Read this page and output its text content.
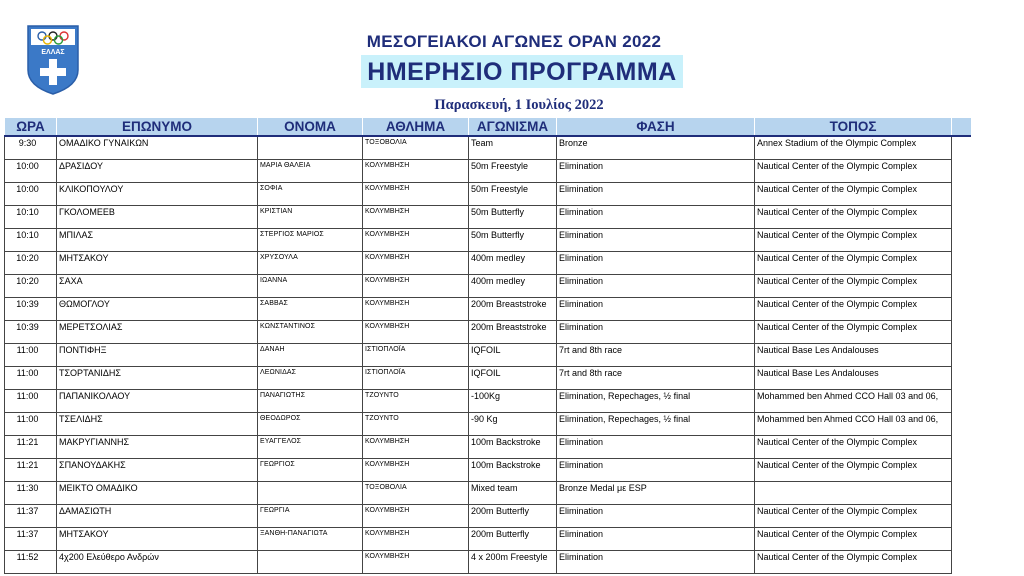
ΕΛΛΑΣ
ΜΕΣΟΓΕΙΑΚΟΙ ΑΓΩΝΕΣ ΟΡΑΝ 2022
ΗΜΕΡΗΣΙΟ ΠΡΟΓΡΑΜΜΑ
Παρασκευή, 1 Ιουλίος 2022
ΩΡΑ	ΕΠΩΝΥΜΟ	ΟΝΟΜΑ	ΑΘΛΗΜΑ	ΑΓΩΝΙΣΜΑ	ΦΑΣΗ	ΤΟΠΟΣ	
9:30	ΟΜΑΔΙΚΟ ΓΥΝΑΙΚΩΝ		ΤΟΞΟΒΟΛΙΑ	Team	Bronze	Annex Stadium of the Olympic Complex	
10:00	ΔΡΑΣΙΔΟΥ	ΜΑΡΙΑ ΘΑΛΕΙΑ	ΚΟΛΥΜΒΗΣΗ	50m Freestyle	Elimination	Nautical Center of the Olympic Complex	
10:00	ΚΛΙΚΟΠΟΥΛΟΥ	ΣΟΦΙΑ	ΚΟΛΥΜΒΗΣΗ	50m Freestyle	Elimination	Nautical Center of the Olympic Complex	
10:10	ΓΚΟΛΟΜΕΕΒ	ΚΡΙΣΤΙΑΝ	ΚΟΛΥΜΒΗΣΗ	50m Butterfly	Elimination	Nautical Center of the Olympic Complex	
10:10	ΜΠΙΛΑΣ	ΣΤΕΡΓΙΟΣ ΜΑΡΙΟΣ	ΚΟΛΥΜΒΗΣΗ	50m Butterfly	Elimination	Nautical Center of the Olympic Complex	
10:20	ΜΗΤΣΑΚΟΥ	ΧΡΥΣΟΥΛΑ	ΚΟΛΥΜΒΗΣΗ	400m medley	Elimination	Nautical Center of the Olympic Complex	
10:20	ΣΑΧΑ	ΙΩΑΝΝΑ	ΚΟΛΥΜΒΗΣΗ	400m medley	Elimination	Nautical Center of the Olympic Complex	
10:39	ΘΩΜΟΓΛΟΥ	ΣΑΒΒΑΣ	ΚΟΛΥΜΒΗΣΗ	200m Breaststroke	Elimination	Nautical Center of the Olympic Complex	
10:39	ΜΕΡΕΤΣΟΛΙΑΣ	ΚΩΝΣΤΑΝΤΙΝΟΣ	ΚΟΛΥΜΒΗΣΗ	200m Breaststroke	Elimination	Nautical Center of the Olympic Complex	
11:00	ΠΟΝΤΙΦΗΞ	ΔΑΝΑΗ	ΙΣΤΙΟΠΛΟΪΑ	IQFOIL	7rt and 8th race	Nautical Base Les Andalouses	
11:00	ΤΣΟΡΤΑΝΙΔΗΣ	ΛΕΩΝΙΔΑΣ	ΙΣΤΙΟΠΛΟΪΑ	IQFOIL	7rt and 8th race	Nautical Base Les Andalouses	
11:00	ΠΑΠΑΝΙΚΟΛΑΟΥ	ΠΑΝΑΓΙΩΤΗΣ	ΤΖΟΥΝΤΟ	-100Kg	Elimination, Repechages, ½ final	Mohammed ben Ahmed CCO Hall 03 and 06,	
11:00	ΤΣΕΛΙΔΗΣ	ΘΕΟΔΩΡΟΣ	ΤΖΟΥΝΤΟ	-90 Kg	Elimination, Repechages, ½ final	Mohammed ben Ahmed CCO Hall 03 and 06,	
11:21	ΜΑΚΡΥΓΙΑΝΝΗΣ	ΕΥΑΓΓΕΛΟΣ	ΚΟΛΥΜΒΗΣΗ	100m Backstroke	Elimination	Nautical Center of the Olympic Complex	
11:21	ΣΠΑΝΟΥΔΑΚΗΣ	ΓΕΩΡΓΙΟΣ	ΚΟΛΥΜΒΗΣΗ	100m Backstroke	Elimination	Nautical Center of the Olympic Complex	
11:30	ΜΕΙΚΤΟ ΟΜΑΔΙΚΟ		ΤΟΞΟΒΟΛΙΑ	Mixed team	Bronze Medal με ESP		
11:37	ΔΑΜΑΣΙΩΤΗ	ΓΕΩΡΓΙΑ	ΚΟΛΥΜΒΗΣΗ	200m Butterfly	Elimination	Nautical Center of the Olympic Complex	
11:37	ΜΗΤΣΑΚΟΥ	ΞΑΝΘΗ-ΠΑΝΑΓΙΩΤΑ	ΚΟΛΥΜΒΗΣΗ	200m Butterfly	Elimination	Nautical Center of the Olympic Complex	
11:52	4χ200 Ελεύθερο Ανδρών		ΚΟΛΥΜΒΗΣΗ	4 x 200m Freestyle	Elimination	Nautical Center of the Olympic Complex	
